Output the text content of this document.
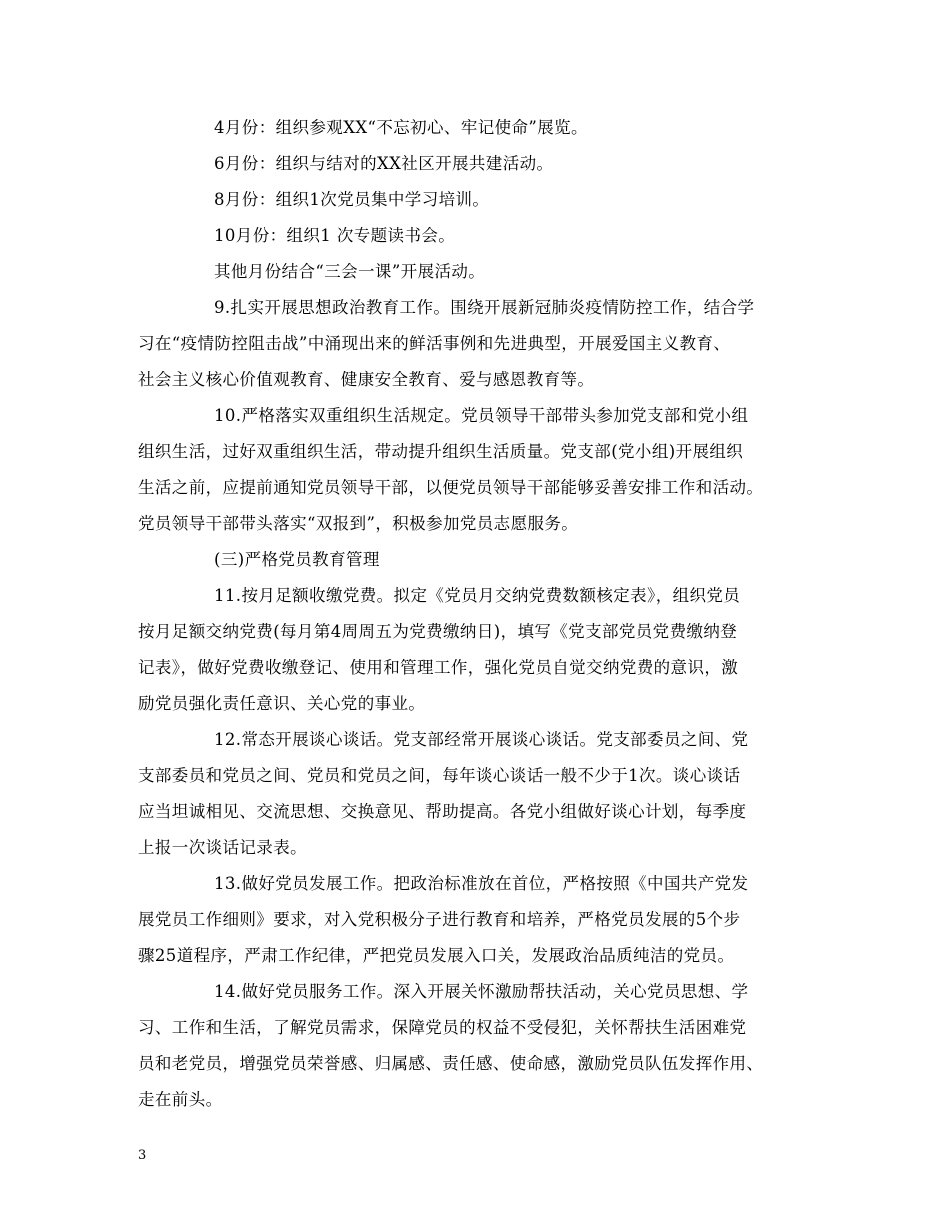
4月份：组织参观XX“不忘初心、牢记使命”展览。
6月份：组织与结对的XX社区开展共建活动。
8月份：组织1次党员集中学习培训。
10月份：组织1 次专题读书会。
其他月份结合“三会一课”开展活动。
9.扎实开展思想政治教育工作。围绕开展新冠肺炎疫情防控工作，结合学
习在“疫情防控阻击战”中涌现出来的鲜活事例和先进典型，开展爱国主义教育、
社会主义核心价值观教育、健康安全教育、爱与感恩教育等。
10.严格落实双重组织生活规定。党员领导干部带头参加党支部和党小组
组织生活，过好双重组织生活，带动提升组织生活质量。党支部(党小组)开展组织
生活之前，应提前通知党员领导干部，以便党员领导干部能够妥善安排工作和活动。
党员领导干部带头落实“双报到”，积极参加党员志愿服务。
(三)严格党员教育管理
11.按月足额收缴党费。拟定《党员月交纳党费数额核定表》，组织党员
按月足额交纳党费(每月第4周周五为党费缴纳日)，填写《党支部党员党费缴纳登
记表》，做好党费收缴登记、使用和管理工作，强化党员自觉交纳党费的意识，激
励党员强化责任意识、关心党的事业。
12.常态开展谈心谈话。党支部经常开展谈心谈话。党支部委员之间、党
支部委员和党员之间、党员和党员之间，每年谈心谈话一般不少于1次。谈心谈话
应当坦诚相见、交流思想、交换意见、帮助提高。各党小组做好谈心计划，每季度
上报一次谈话记录表。
13.做好党员发展工作。把政治标准放在首位，严格按照《中国共产党发
展党员工作细则》要求，对入党积极分子进行教育和培养，严格党员发展的5个步
骤25道程序，严肃工作纪律，严把党员发展入口关，发展政治品质纯洁的党员。
14.做好党员服务工作。深入开展关怀激励帮扶活动，关心党员思想、学
习、工作和生活，了解党员需求，保障党员的权益不受侵犯，关怀帮扶生活困难党
员和老党员，增强党员荣誉感、归属感、责任感、使命感，激励党员队伍发挥作用、
走在前头。
3
